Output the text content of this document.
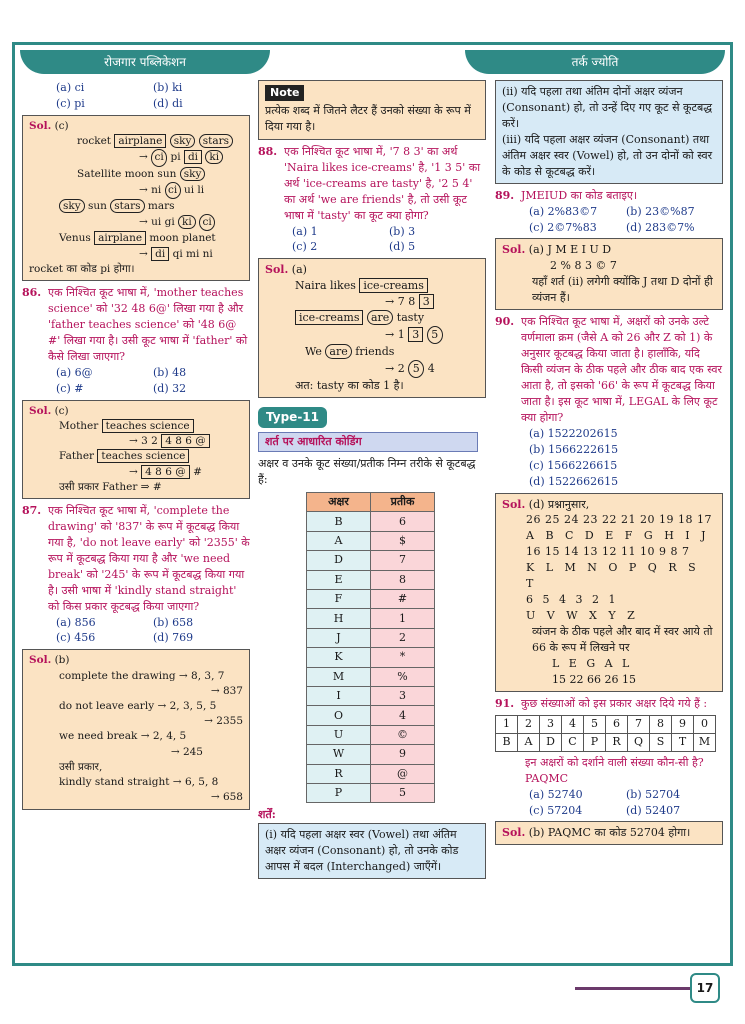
रोजगार पब्लिकेशन	तर्क ज्योति
(a) ci	(b) ki
(c) pi	(d) di
Sol. (c)
rocket airplane sky stars
→ ci pi di ki
Satellite moon sun sky
→ ni ci ui li
sky sun stars mars
→ ui gi ki ci
Venus airplane moon planet
→ di qi mi ni
rocket का कोड pi होगा।
86. एक निश्चित कूट भाषा में, 'mother teaches science' को '32 48 6@' लिखा गया है और 'father teaches science' को '48 6@ #' लिखा गया है। उसी कूट भाषा में 'father' को कैसे लिखा जाएगा?
(a) 6@	(b) 48
(c) #	(d) 32
Sol. (c)
Mother teaches science
→ 3 2 4 8 6 @
Father teaches science
→ 4 8 6 @ #
उसी प्रकार Father ⇒ #
87. एक निश्चित कूट भाषा में, 'complete the drawing' को '837' के रूप में कूटबद्ध किया गया है, 'do not leave early' को '2355' के रूप में कूटबद्ध किया गया है और 'we need break' को '245' के रूप में कूटबद्ध किया गया है। उसी भाषा में 'kindly stand straight' को किस प्रकार कूटबद्ध किया जाएगा?
(a) 856	(b) 658
(c) 456	(d) 769
Sol. (b)
complete the drawing → 8, 3, 7
→ 837
do not leave early → 2, 3, 5, 5
→ 2355
we need break → 2, 4, 5
→ 245
उसी प्रकार,
kindly stand straight → 6, 5, 8
→ 658
Note
प्रत्येक शब्द में जितने लैटर हैं उनको संख्या के रूप में दिया गया है।
88. एक निश्चित कूट भाषा में, '7 8 3' का अर्थ 'Naira likes ice-creams' है, '1 3 5' का अर्थ 'ice-creams are tasty' है, '2 5 4' का अर्थ 'we are friends' है, तो उसी कूट भाषा में 'tasty' का कूट क्या होगा?
(a) 1	(b) 3
(c) 2	(d) 5
Sol. (a)
Naira likes ice-creams
→ 7 8 3
ice-creams are tasty
→ 1 3 5
We are friends
→ 2 5 4
अत: tasty का कोड 1 है।
Type-11
शर्त पर आधारित कोडिंग
अक्षर व उनके कूट संख्या/प्रतीक निम्न तरीके से कूटबद्ध हैं:
अक्षर	प्रतीक
B	6
A	$
D	7
E	8
F	#
H	1
J	2
K	*
M	%
I	3
O	4
U	©
W	9
R	@
P	5
शर्तें:
(i) यदि पहला अक्षर स्वर (Vowel) तथा अंतिम अक्षर व्यंजन (Consonant) हो, तो उनके कोड आपस में बदल (Interchanged) जाएँगें।
(ii) यदि पहला तथा अंतिम दोनों अक्षर व्यंजन (Consonant) हो, तो उन्हें दिए गए कूट से कूटबद्ध करें।
(iii) यदि पहला अक्षर व्यंजन (Consonant) तथा अंतिम अक्षर स्वर (Vowel) हो, तो उन दोनों को स्वर के कोड से कूटबद्ध करें।
89. JMEIUD का कोड बताइए।
(a) 2%83©7	(b) 23©%87
(c) 2©7%83	(d) 283©7%
Sol. (a) J M E I U D
2 % 8 3 © 7
यहाँ शर्त (ii) लगेगी क्योंकि J तथा D दोनों ही व्यंजन हैं।
90. एक निश्चित कूट भाषा में, अक्षरों को उनके उल्टे वर्णमाला क्रम (जैसे A को 26 और Z को 1) के अनुसार कूटबद्ध किया जाता है। हालाँकि, यदि किसी व्यंजन के ठीक पहले और ठीक बाद एक स्वर आता है, तो इसको '66' के रूप में कूटबद्ध किया जाता है। इस कूट भाषा में, LEGAL के लिए कूट क्या होगा?
(a) 1522202615
(b) 1566222615
(c) 1566226615
(d) 1522662615
Sol. (d) प्रश्नानुसार,
26 25 24 23 22 21 20 19 18 17
A B C D E F G H I J
16 15 14 13 12 11 10 9 8 7
K L M N O P Q R S T
6 5 4 3 2 1
U V W X Y Z
व्यंजन के ठीक पहले और बाद में स्वर आये तो 66 के रूप में लिखने पर
L E G A L
15 22 66 26 15
91. कुछ संख्याओं को इस प्रकार अक्षर दिये गये हैं :
1	2	3	4	5	6	7	8	9	0
B	A	D	C	P	R	Q	S	T	M
इन अक्षरों को दर्शाने वाली संख्या कौन-सी है?
PAQMC
(a) 52740	(b) 52704
(c) 57204	(d) 52407
Sol. (b) PAQMC का कोड 52704 होगा।
17
